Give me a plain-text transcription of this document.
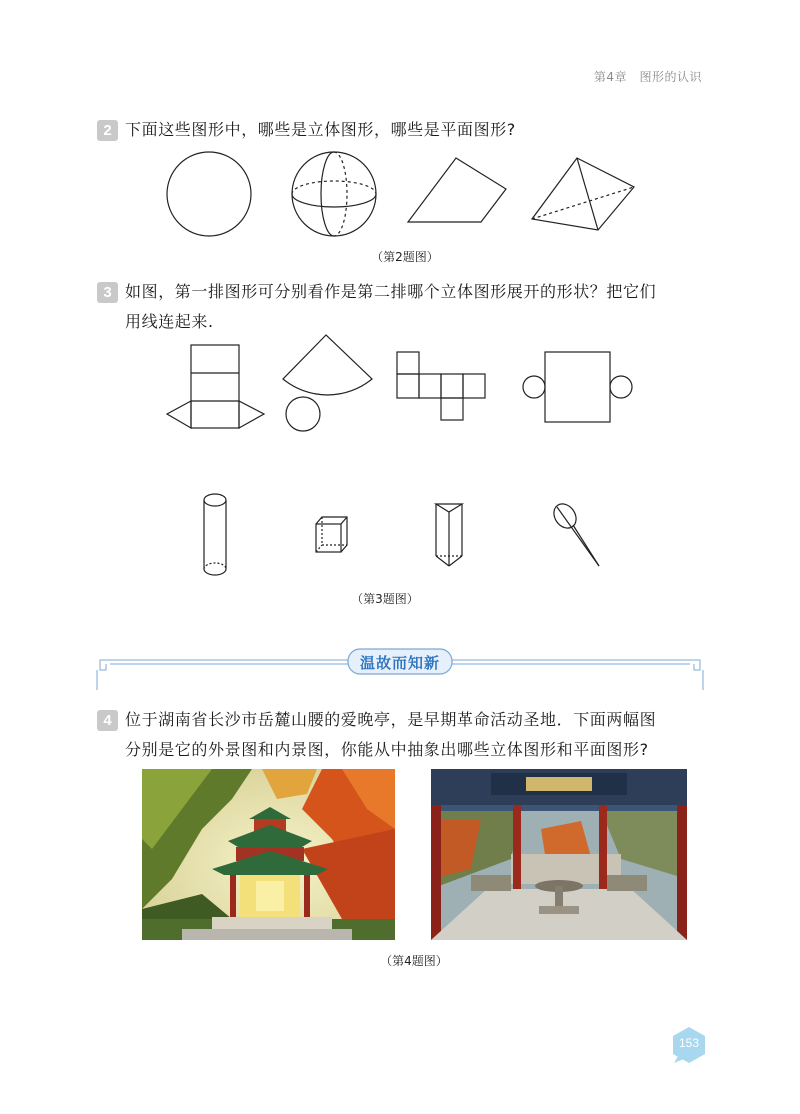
第4章　图形的认识
2 下面这些图形中，哪些是立体图形，哪些是平面图形?
（第2题图）
3 如图，第一排图形可分别看作是第二排哪个立体图形展开的形状？把它们
用线连起来.
（第3题图）
温故而知新
4 位于湖南省长沙市岳麓山腰的爱晚亭，是早期革命活动圣地．下面两幅图
分别是它的外景图和内景图，你能从中抽象出哪些立体图形和平面图形?
（第4题图）
153
